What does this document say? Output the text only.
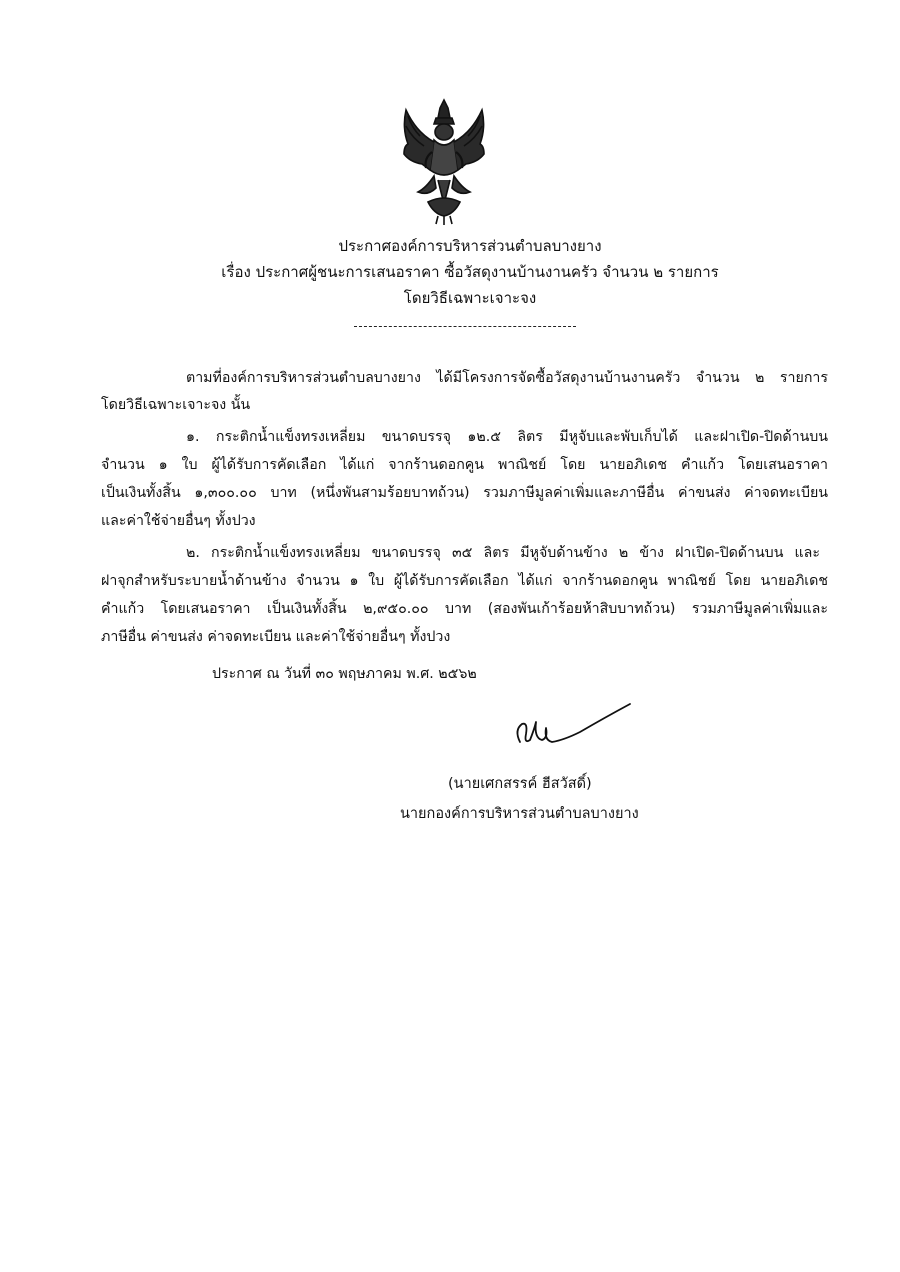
ประกาศองค์การบริหารส่วนตำบลบางยาง
เรื่อง ประกาศผู้ชนะการเสนอราคา ซื้อวัสดุงานบ้านงานครัว จำนวน ๒ รายการ
โดยวิธีเฉพาะเจาะจง
ตามที่องค์การบริหารส่วนตำบลบางยาง ได้มีโครงการจัดซื้อวัสดุงานบ้านงานครัว จำนวน ๒ รายการ
โดยวิธีเฉพาะเจาะจง นั้น
๑. กระติกน้ำแข็งทรงเหลี่ยม ขนาดบรรจุ ๑๒.๕ ลิตร มีหูจับและพับเก็บได้ และฝาเปิด-ปิดด้านบน
จำนวน ๑ ใบ ผู้ได้รับการคัดเลือก ได้แก่ จากร้านดอกคูน พาณิชย์ โดย นายอภิเดช คำแก้ว โดยเสนอราคา
เป็นเงินทั้งสิ้น ๑,๓๐๐.๐๐ บาท (หนึ่งพันสามร้อยบาทถ้วน) รวมภาษีมูลค่าเพิ่มและภาษีอื่น ค่าขนส่ง ค่าจดทะเบียน
และค่าใช้จ่ายอื่นๆ ทั้งปวง
๒. กระติกน้ำแข็งทรงเหลี่ยม ขนาดบรรจุ ๓๕ ลิตร มีหูจับด้านข้าง ๒ ข้าง ฝาเปิด-ปิดด้านบน และ
ฝาจุกสำหรับระบายน้ำด้านข้าง จำนวน ๑ ใบ ผู้ได้รับการคัดเลือก ได้แก่ จากร้านดอกคูน พาณิชย์ โดย นายอภิเดช
คำแก้ว โดยเสนอราคา เป็นเงินทั้งสิ้น ๒,๙๕๐.๐๐ บาท (สองพันเก้าร้อยห้าสิบบาทถ้วน) รวมภาษีมูลค่าเพิ่มและ
ภาษีอื่น ค่าขนส่ง ค่าจดทะเบียน และค่าใช้จ่ายอื่นๆ ทั้งปวง
ประกาศ ณ วันที่ ๓๐ พฤษภาคม พ.ศ. ๒๕๖๒
(นายเศกสรรค์ ฮีสวัสดิ์)
นายกองค์การบริหารส่วนตำบลบางยาง
